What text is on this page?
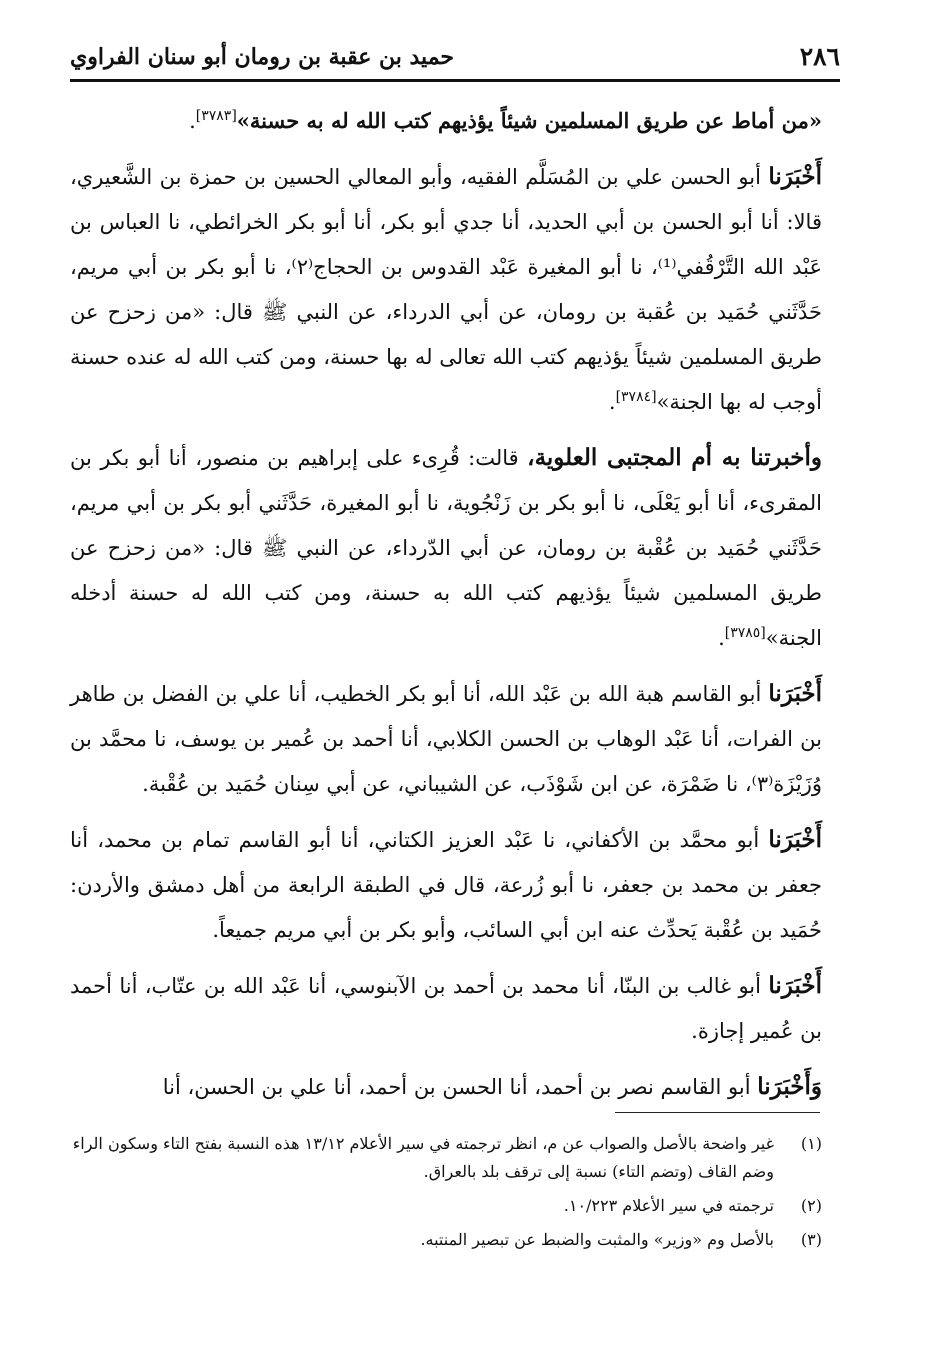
٢٨٦
حميد بن عقبة بن رومان أبو سنان الفراوي

«من أماط عن طريق المسلمين شيئاً يؤذيهم كتب الله له به حسنة»[٣٧٨٣].

أَخْبَرَنا أبو الحسن علي بن المُسَلَّم الفقيه، وأبو المعالي الحسين بن حمزة بن الشَّعيري، قالا: أنا أبو الحسن بن أبي الحديد، أنا جدي أبو بكر، أنا أبو بكر الخرائطي، نا العباس بن عَبْد الله التَّرْقُفي⁽¹⁾، نا أبو المغيرة عَبْد القدوس بن الحجاج⁽٢⁾، نا أبو بكر بن أبي مريم، حَدَّثَني حُمَيد بن عُقبة بن رومان، عن أبي الدرداء، عن النبي ﷺ قال: «من زحزح عن طريق المسلمين شيئاً يؤذيهم كتب الله تعالى له بها حسنة، ومن كتب الله له عنده حسنة أوجب له بها الجنة»[٣٧٨٤].

وأخبرتنا به أم المجتبى العلوية، قالت: قُرِىء على إبراهيم بن منصور، أنا أبو بكر بن المقرىء، أنا أبو يَعْلَى، نا أبو بكر بن زَنْجُوية، نا أبو المغيرة، حَدَّثَني أبو بكر بن أبي مريم، حَدَّثَني حُمَيد بن عُقْبة بن رومان، عن أبي الدّرداء، عن النبي ﷺ قال: «من زحزح عن طريق المسلمين شيئاً يؤذيهم كتب الله به حسنة، ومن كتب الله له حسنة أدخله الجنة»[٣٧٨٥].

أَخْبَرَنا أبو القاسم هبة الله بن عَبْد الله، أنا أبو بكر الخطيب، أنا علي بن الفضل بن طاهر بن الفرات، أنا عَبْد الوهاب بن الحسن الكلابي، أنا أحمد بن عُمير بن يوسف، نا محمَّد بن وُزَيْزَة⁽٣⁾، نا ضَمْرَة، عن ابن شَوْذَب، عن الشيباني، عن أبي سِنان حُمَيد بن عُقْبة.

أَخْبَرَنا أبو محمَّد بن الأكفاني، نا عَبْد العزيز الكتاني، أنا أبو القاسم تمام بن محمد، أنا جعفر بن محمد بن جعفر، نا أبو زُرعة، قال في الطبقة الرابعة من أهل دمشق والأردن: حُمَيد بن عُقْبة يَحدِّث عنه ابن أبي السائب، وأبو بكر بن أبي مريم جميعاً.

أَخْبَرَنا أبو غالب بن البنّا، أنا محمد بن أحمد بن الآبنوسي، أنا عَبْد الله بن عتّاب، أنا أحمد بن عُمير إجازة.

وَأَخْبَرَنا أبو القاسم نصر بن أحمد، أنا الحسن بن أحمد، أنا علي بن الحسن، أنا

(١)
غير واضحة بالأصل والصواب عن م، انظر ترجمته في سير الأعلام ١٣/١٢ هذه النسبة بفتح التاء وسكون الراء وضم القاف (وتضم التاء) نسبة إلى ترقف بلد بالعراق.
(٢)
ترجمته في سير الأعلام ١٠/٢٢٣.
(٣)
بالأصل وم «وزير» والمثبت والضبط عن تبصير المنتبه.
